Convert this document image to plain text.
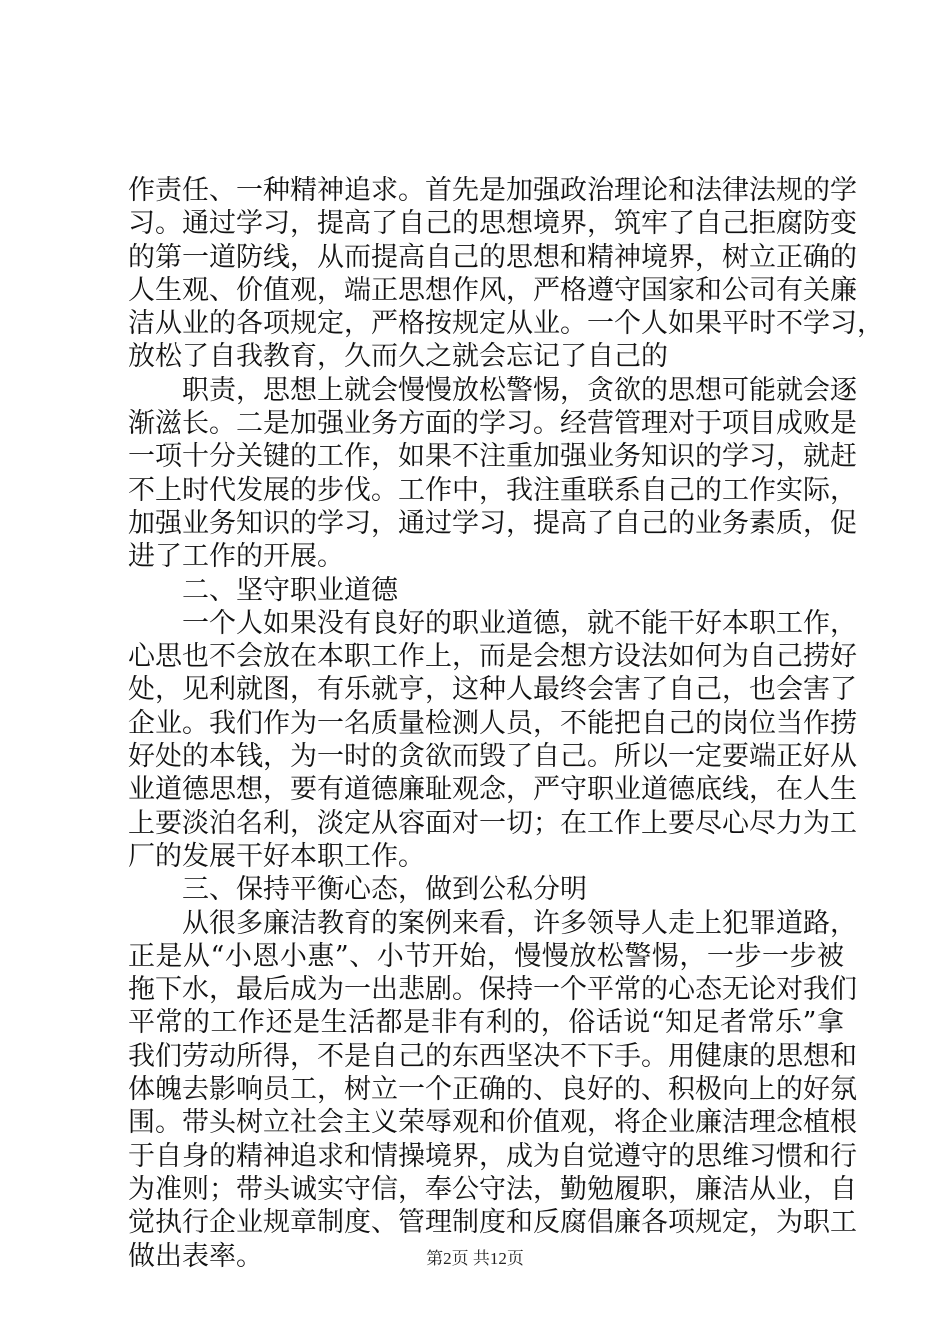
作责任、一种精神追求。首先是加强政治理论和法律法规的学
习。通过学习，提高了自己的思想境界，筑牢了自己拒腐防变
的第一道防线，从而提高自己的思想和精神境界，树立正确的
人生观、价值观，端正思想作风，严格遵守国家和公司有关廉
洁从业的各项规定，严格按规定从业。一个人如果平时不学习，
放松了自我教育，久而久之就会忘记了自己的
职责，思想上就会慢慢放松警惕，贪欲的思想可能就会逐
渐滋长。二是加强业务方面的学习。经营管理对于项目成败是
一项十分关键的工作，如果不注重加强业务知识的学习，就赶
不上时代发展的步伐。工作中，我注重联系自己的工作实际，
加强业务知识的学习，通过学习，提高了自己的业务素质，促
进了工作的开展。
二、坚守职业道德
一个人如果没有良好的职业道德，就不能干好本职工作，
心思也不会放在本职工作上，而是会想方设法如何为自己捞好
处，见利就图，有乐就亨，这种人最终会害了自己，也会害了
企业。我们作为一名质量检测人员，不能把自己的岗位当作捞
好处的本钱，为一时的贪欲而毁了自己。所以一定要端正好从
业道德思想，要有道德廉耻观念，严守职业道德底线，在人生
上要淡泊名利，淡定从容面对一切；在工作上要尽心尽力为工
厂的发展干好本职工作。
三、保持平衡心态，做到公私分明
从很多廉洁教育的案例来看，许多领导人走上犯罪道路，
正是从“小恩小惠”、小节开始，慢慢放松警惕，一步一步被
拖下水，最后成为一出悲剧。保持一个平常的心态无论对我们
平常的工作还是生活都是非有利的，俗话说“知足者常乐”拿
我们劳动所得，不是自己的东西坚决不下手。用健康的思想和
体魄去影响员工，树立一个正确的、良好的、积极向上的好氛
围。带头树立社会主义荣辱观和价值观，将企业廉洁理念植根
于自身的精神追求和情操境界，成为自觉遵守的思维习惯和行
为准则；带头诚实守信，奉公守法，勤勉履职，廉洁从业，自
觉执行企业规章制度、管理制度和反腐倡廉各项规定，为职工
做出表率。	第2页 共12页
